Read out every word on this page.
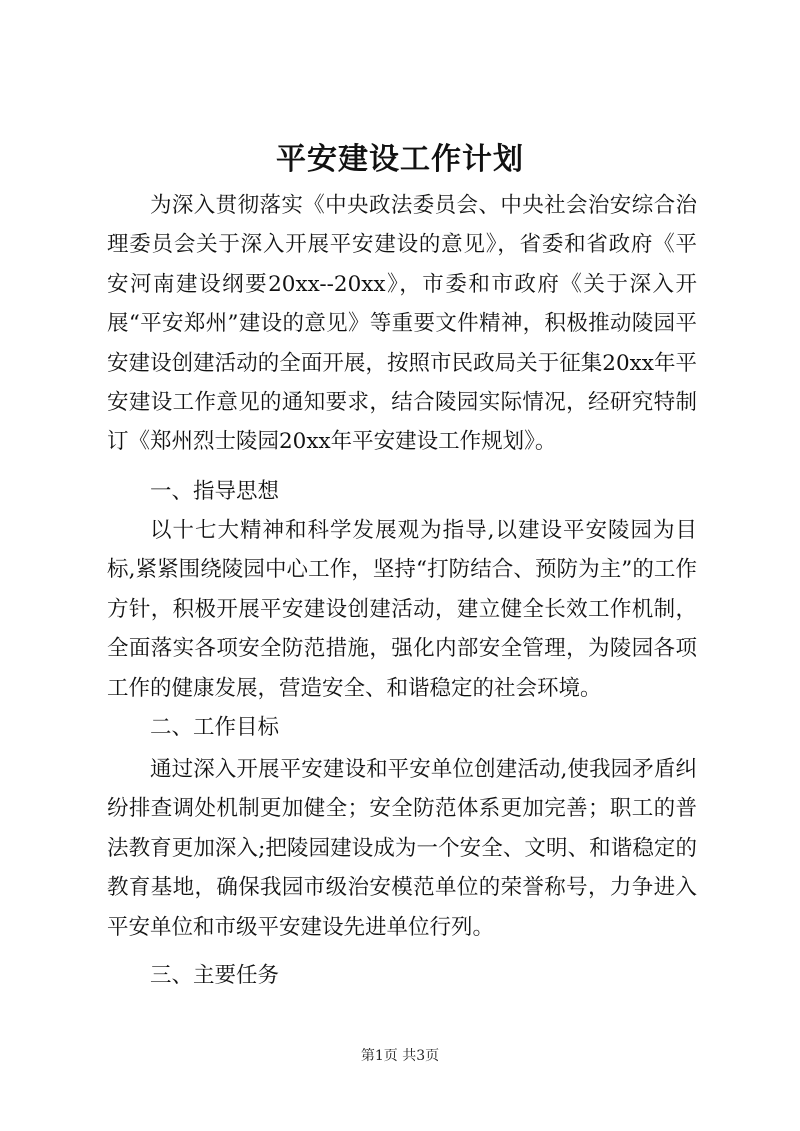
平安建设工作计划

为深入贯彻落实《中央政法委员会、中央社会治安综合治理委员会关于深入开展平安建设的意见》，省委和省政府《平安河南建设纲要20xx--20xx》，市委和市政府《关于深入开展“平安郑州”建设的意见》等重要文件精神，积极推动陵园平安建设创建活动的全面开展，按照市民政局关于征集20xx年平安建设工作意见的通知要求，结合陵园实际情况，经研究特制订《郑州烈士陵园20xx年平安建设工作规划》。

一、指导思想

以十七大精神和科学发展观为指导,以建设平安陵园为目标,紧紧围绕陵园中心工作，坚持“打防结合、预防为主”的工作方针，积极开展平安建设创建活动，建立健全长效工作机制，全面落实各项安全防范措施，强化内部安全管理，为陵园各项工作的健康发展，营造安全、和谐稳定的社会环境。

二、工作目标

通过深入开展平安建设和平安单位创建活动,使我园矛盾纠纷排查调处机制更加健全；安全防范体系更加完善；职工的普法教育更加深入;把陵园建设成为一个安全、文明、和谐稳定的教育基地，确保我园市级治安模范单位的荣誉称号，力争进入平安单位和市级平安建设先进单位行列。

三、主要任务

第1页 共3页
